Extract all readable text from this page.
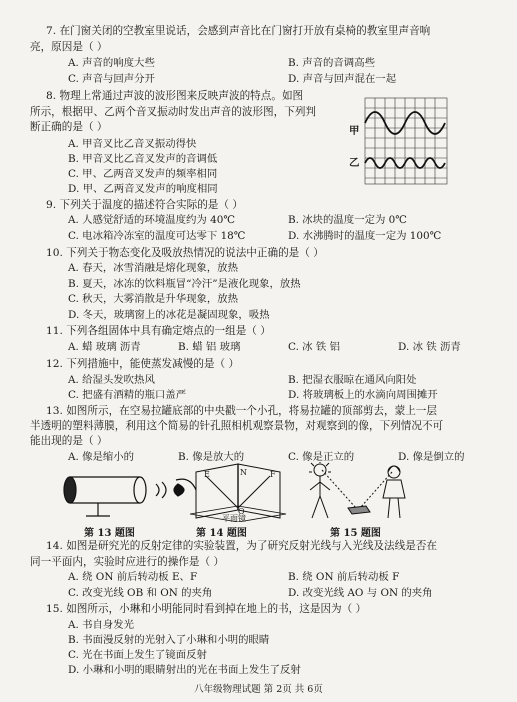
7. 在门窗关闭的空教室里说话，会感到声音比在门窗打开放有桌椅的教室里声音响
亮，原因是（ ）
A. 声音的响度大些	B. 声音的音调高些
C. 声音与回声分开	D. 声音与回声混在一起
8. 物理上常通过声波的波形图来反映声波的特点。如图
所示，根据甲、乙两个音叉振动时发出声音的波形图，下列判
断正确的是（ ）
A. 甲音叉比乙音叉振动得快
B. 甲音叉比乙音叉发声的音调低
C. 甲、乙两音叉发声的频率相同
D. 甲、乙两音叉发声的响度相同
甲
乙
9. 下列关于温度的描述符合实际的是（ ）
A. 人感觉舒适的环境温度约为 40℃	B. 冰块的温度一定为 0℃
C. 电冰箱冷冻室的温度可达零下 18℃	D. 水沸腾时的温度一定为 100℃
10. 下列关于物态变化及吸放热情况的说法中正确的是（ ）
A. 春天，冰雪消融是熔化现象，放热
B. 夏天，冰冻的饮料瓶冒“冷汗”是液化现象，放热
C. 秋天，大雾消散是升华现象，放热
D. 冬天，玻璃窗上的冰花是凝固现象，吸热
11. 下列各组固体中具有确定熔点的一组是（ ）
A. 蜡 玻璃 沥青	B. 蜡 铝 玻璃	C. 冰 铁 铝	D. 冰 铁 沥青
12. 下列措施中，能使蒸发减慢的是（ ）
A. 给湿头发吹热风	B. 把湿衣服晾在通风向阳处
C. 把盛有酒精的瓶口盖严	D. 将玻璃板上的水滴向周围摊开
13. 如图所示，在空易拉罐底部的中央戳一个小孔，将易拉罐的顶部剪去，蒙上一层
半透明的塑料薄膜，利用这个简易的针孔照相机观察景物，对观察到的像，下列情况不可
能出现的是（ ）
A. 像是缩小的	B. 像是放大的	C. 像是正立的	D. 像是倒立的
E	N	F
O
平面镜
第 13 题图	第 14 题图	第 15 题图
14. 如图是研究光的反射定律的实验装置，为了研究反射光线与入光线及法线是否在
同一平面内，实验时应进行的操作是（ ）
A. 绕 ON 前后转动板 E、F	B. 绕 ON 前后转动板 F
C. 改变光线 OB 和 ON 的夹角	D. 改变光线 AO 与 ON 的夹角
15. 如图所示，小琳和小明能同时看到掉在地上的书，这是因为（ ）
A. 书自身发光
B. 书面漫反射的光射入了小琳和小明的眼睛
C. 光在书面上发生了镜面反射
D. 小琳和小明的眼睛射出的光在书面上发生了反射
八年级物理试题 第 2页 共 6页
